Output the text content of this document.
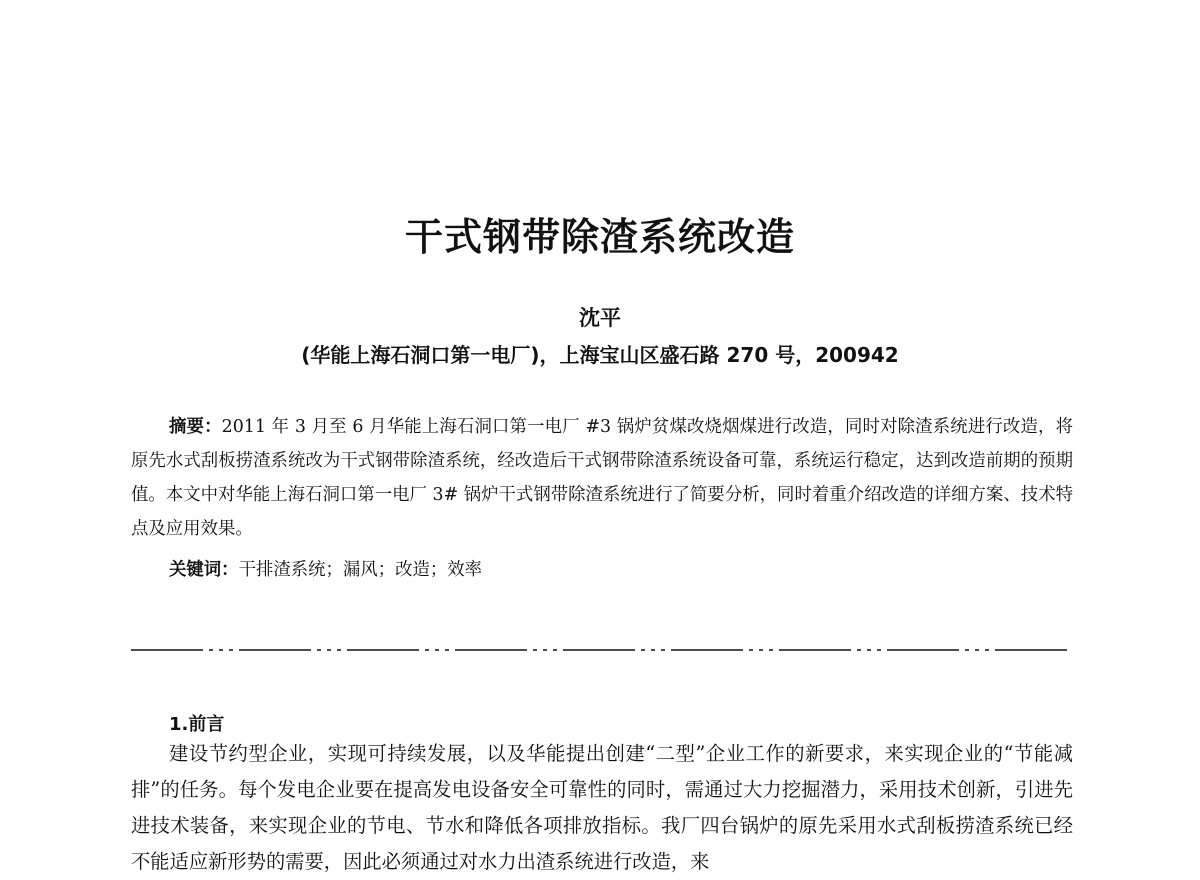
干式钢带除渣系统改造

沈平

(华能上海石洞口第一电厂)，上海宝山区盛石路 270 号，200942

摘要：2011 年 3 月至 6 月华能上海石洞口第一电厂 #3 锅炉贫煤改烧烟煤进行改造，同时对除渣系统进行改造，将原先水式刮板捞渣系统改为干式钢带除渣系统，经改造后干式钢带除渣系统设备可靠，系统运行稳定，达到改造前期的预期值。本文中对华能上海石洞口第一电厂 3# 锅炉干式钢带除渣系统进行了简要分析，同时着重介绍改造的详细方案、技术特点及应用效果。

关键词：干排渣系统；漏风；改造；效率

1.前言

建设节约型企业，实现可持续发展，以及华能提出创建“二型”企业工作的新要求，来实现企业的“节能减排”的任务。每个发电企业要在提高发电设备安全可靠性的同时，需通过大力挖掘潜力，采用技术创新，引进先进技术装备，来实现企业的节电、节水和降低各项排放指标。我厂四台锅炉的原先采用水式刮板捞渣系统已经不能适应新形势的需要，因此必须通过对水力出渣系统进行改造，来
